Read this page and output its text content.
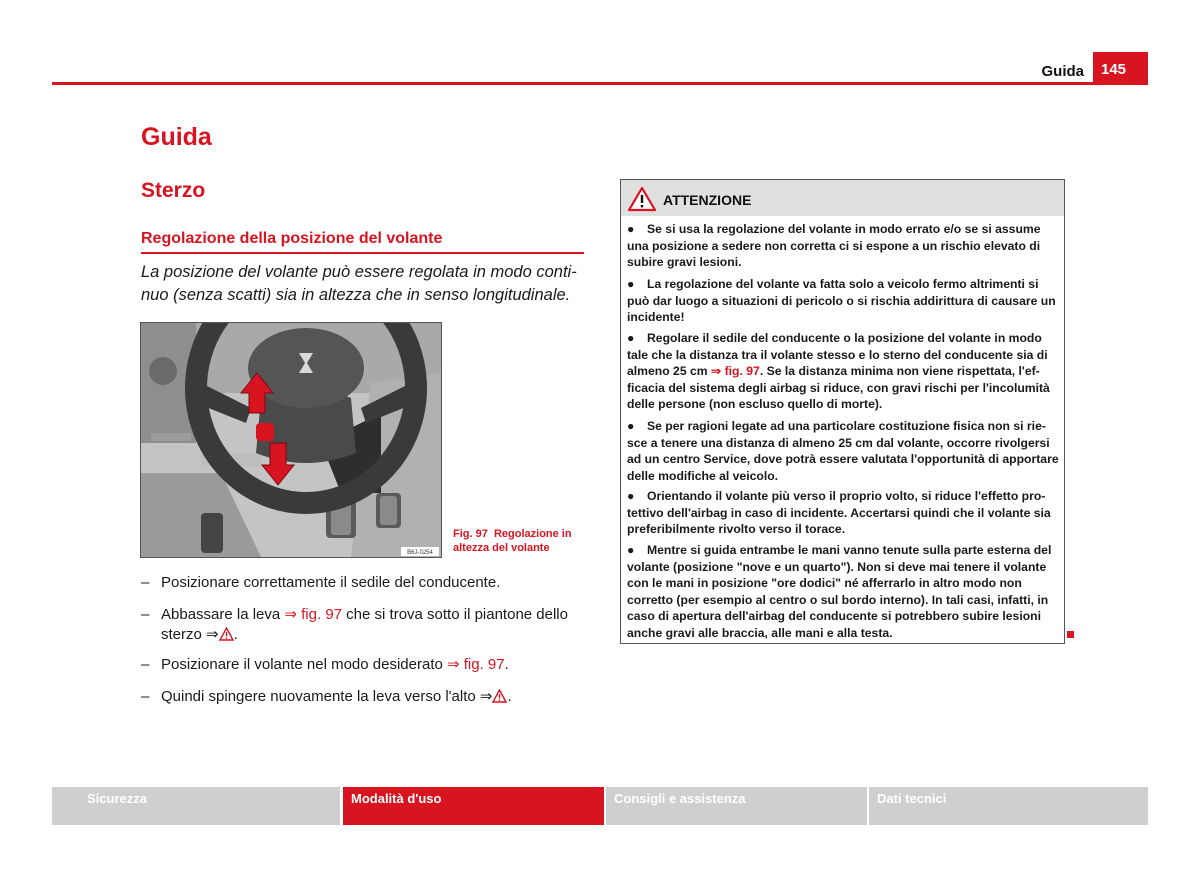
Guida	145
Guida
Sterzo
Regolazione della posizione del volante
La posizione del volante può essere regolata in modo continuo (senza scatti) sia in altezza che in senso longitudinale.
B6J-0254
Fig. 97 Regolazione in altezza del volante
– Posizionare correttamente il sedile del conducente.
– Abbassare la leva ⇒ fig. 97 che si trova sotto il piantone dello sterzo ⇒ .
– Posizionare il volante nel modo desiderato ⇒ fig. 97.
– Quindi spingere nuovamente la leva verso l'alto ⇒ .
ATTENZIONE
● Se si usa la regolazione del volante in modo errato e/o se si assume una posizione a sedere non corretta ci si espone a un rischio elevato di subire gravi lesioni.
● La regolazione del volante va fatta solo a veicolo fermo altrimenti si può dar luogo a situazioni di pericolo o si rischia addirittura di causare un incidente!
● Regolare il sedile del conducente o la posizione del volante in modo tale che la distanza tra il volante stesso e lo sterno del conducente sia di almeno 25 cm ⇒ fig. 97. Se la distanza minima non viene rispettata, l'efficacia del sistema degli airbag si riduce, con gravi rischi per l'incolumità delle persone (non escluso quello di morte).
● Se per ragioni legate ad una particolare costituzione fisica non si riesce a tenere una distanza di almeno 25 cm dal volante, occorre rivolgersi ad un centro Service, dove potrà essere valutata l'opportunità di apportare delle modifiche al veicolo.
● Orientando il volante più verso il proprio volto, si riduce l'effetto protettivo dell'airbag in caso di incidente. Accertarsi quindi che il volante sia preferibilmente rivolto verso il torace.
● Mentre si guida entrambe le mani vanno tenute sulla parte esterna del volante (posizione "nove e un quarto"). Non si deve mai tenere il volante con le mani in posizione "ore dodici" né afferrarlo in altro modo non corretto (per esempio al centro o sul bordo interno). In tali casi, infatti, in caso di apertura dell'airbag del conducente si potrebbero subire lesioni anche gravi alle braccia, alle mani e alla testa.
Sicurezza	Modalità d'uso	Consigli e assistenza	Dati tecnici
